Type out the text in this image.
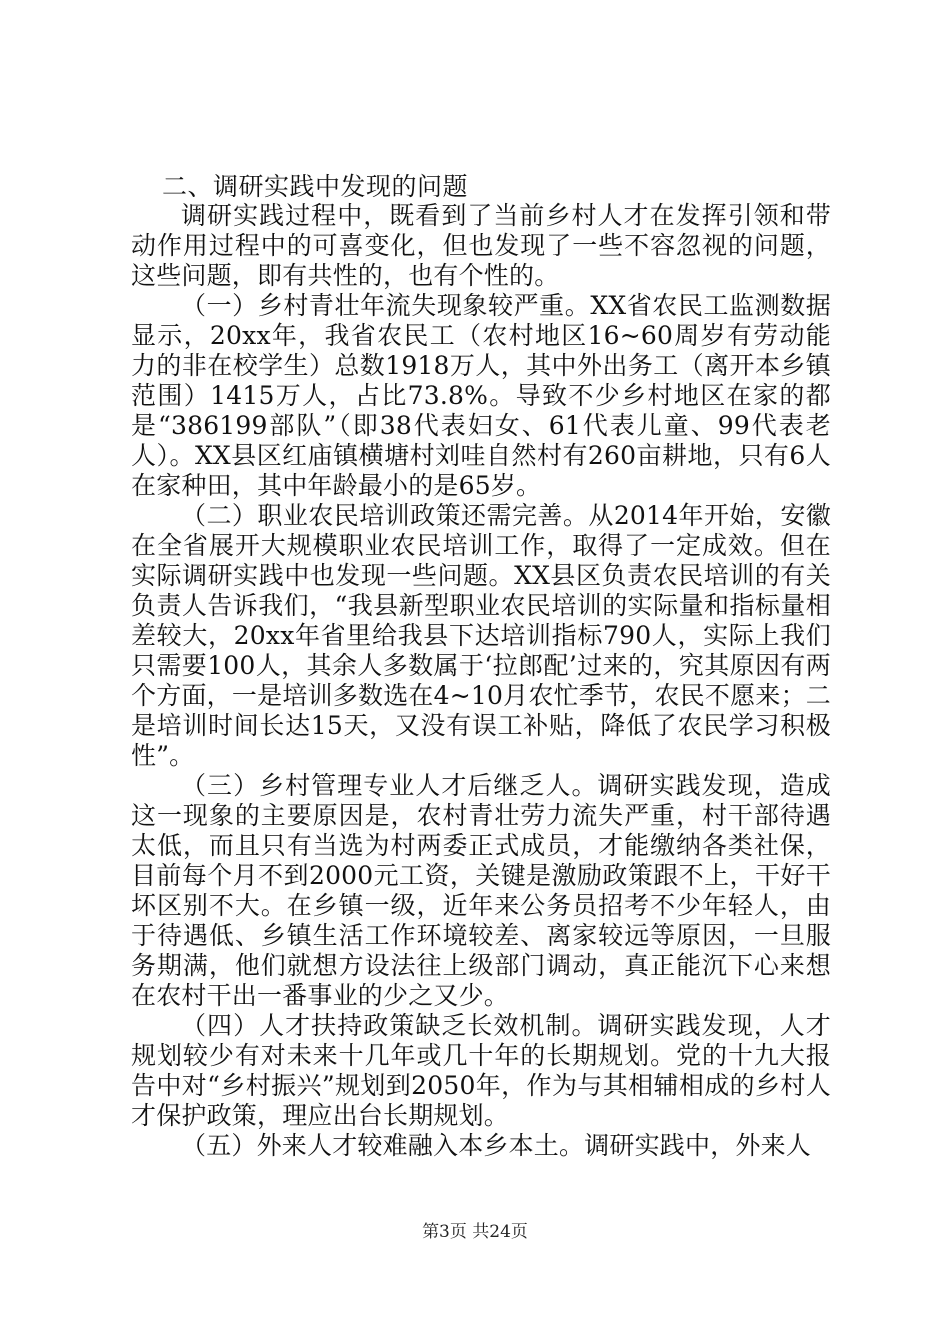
二、调研实践中发现的问题

调研实践过程中，既看到了当前乡村人才在发挥引领和带动作用过程中的可喜变化，但也发现了一些不容忽视的问题，这些问题，即有共性的，也有个性的。

（一）乡村青壮年流失现象较严重。XX省农民工监测数据显示，20xx年，我省农民工（农村地区16~60周岁有劳动能力的非在校学生）总数1918万人，其中外出务工（离开本乡镇范围）1415万人，占比73.8%。导致不少乡村地区在家的都是“386199部队”（即38代表妇女、61代表儿童、99代表老人）。XX县区红庙镇横塘村刘哇自然村有260亩耕地，只有6人在家种田，其中年龄最小的是65岁。

（二）职业农民培训政策还需完善。从2014年开始，安徽在全省展开大规模职业农民培训工作，取得了一定成效。但在实际调研实践中也发现一些问题。XX县区负责农民培训的有关负责人告诉我们，“我县新型职业农民培训的实际量和指标量相差较大，20xx年省里给我县下达培训指标790人，实际上我们只需要100人，其余人多数属于‘拉郎配’过来的，究其原因有两个方面，一是培训多数选在4~10月农忙季节，农民不愿来；二是培训时间长达15天，又没有误工补贴，降低了农民学习积极性”。

（三）乡村管理专业人才后继乏人。调研实践发现，造成这一现象的主要原因是，农村青壮劳力流失严重，村干部待遇太低，而且只有当选为村两委正式成员，才能缴纳各类社保，目前每个月不到2000元工资，关键是激励政策跟不上，干好干坏区别不大。在乡镇一级，近年来公务员招考不少年轻人，由于待遇低、乡镇生活工作环境较差、离家较远等原因，一旦服务期满，他们就想方设法往上级部门调动，真正能沉下心来想在农村干出一番事业的少之又少。

（四）人才扶持政策缺乏长效机制。调研实践发现，人才规划较少有对未来十几年或几十年的长期规划。党的十九大报告中对“乡村振兴”规划到2050年，作为与其相辅相成的乡村人才保护政策，理应出台长期规划。

（五）外来人才较难融入本乡本土。调研实践中，外来人

第3页 共24页
